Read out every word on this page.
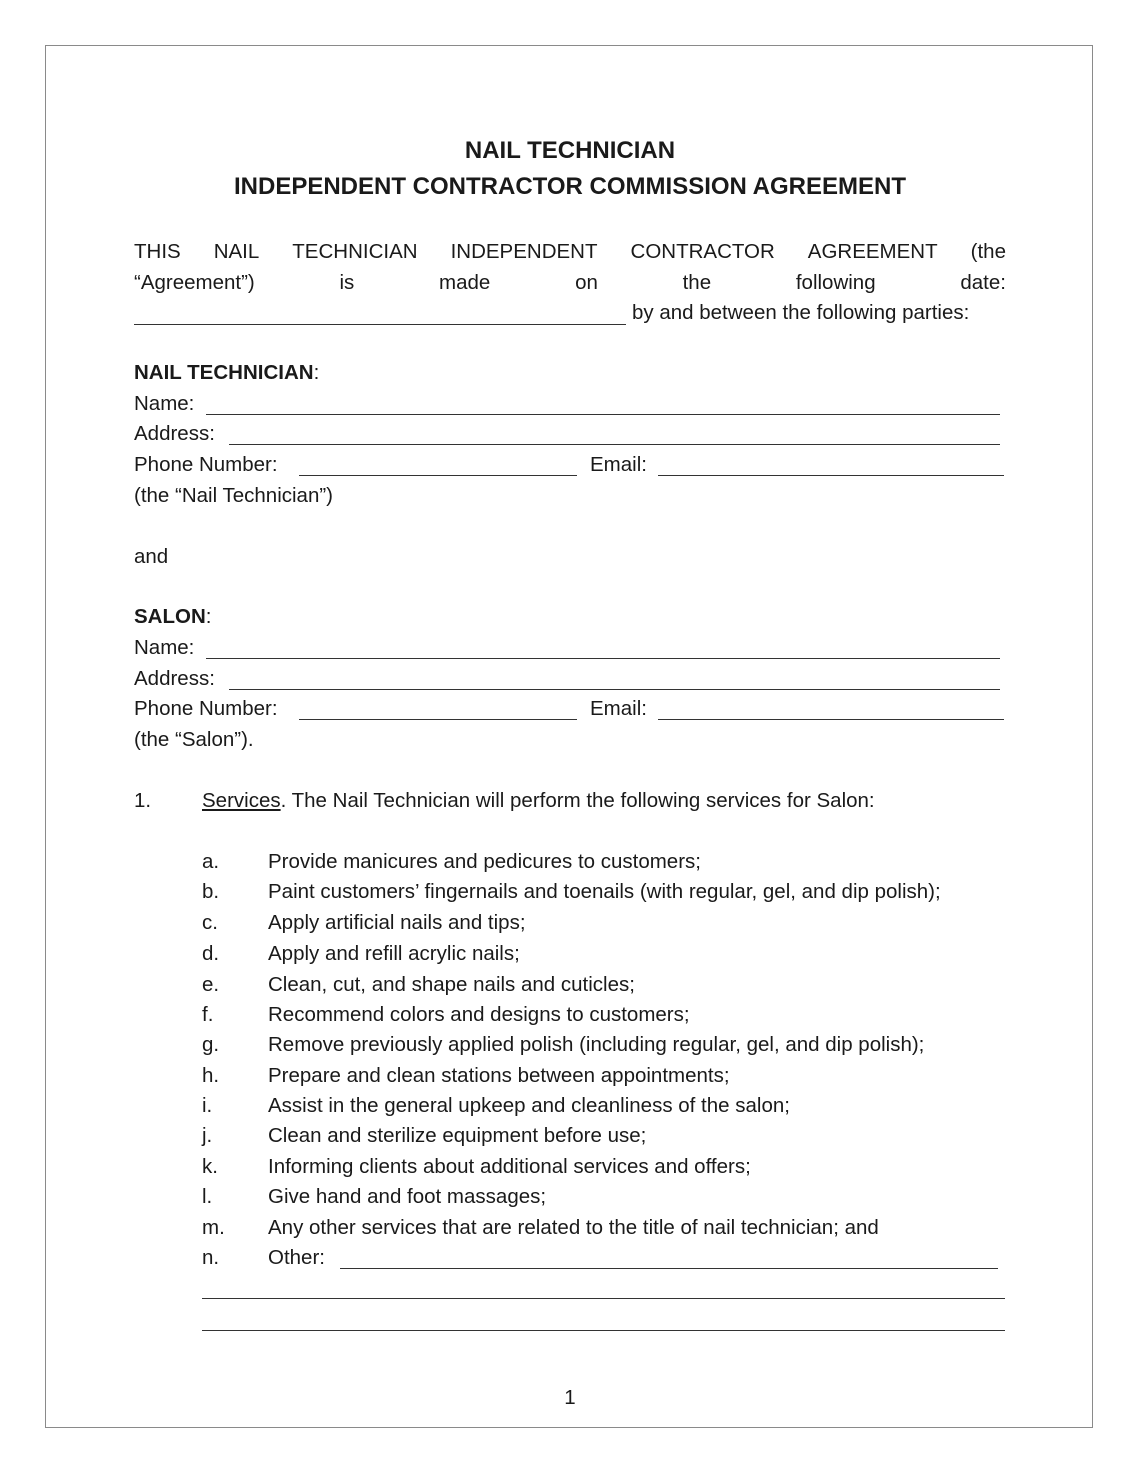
NAIL TECHNICIAN
INDEPENDENT CONTRACTOR COMMISSION AGREEMENT
THIS NAIL TECHNICIAN INDEPENDENT CONTRACTOR AGREEMENT (the
“Agreement”)	is	made	on	the	following	date:
by and between the following parties:
NAIL TECHNICIAN:
Name:
Address:
Phone Number:	Email:
(the “Nail Technician”)
and
SALON:
Name:
Address:
Phone Number:	Email:
(the “Salon”).
1. Services. The Nail Technician will perform the following services for Salon:
a. Provide manicures and pedicures to customers;
b. Paint customers’ fingernails and toenails (with regular, gel, and dip polish);
c. Apply artificial nails and tips;
d. Apply and refill acrylic nails;
e. Clean, cut, and shape nails and cuticles;
f.	Recommend colors and designs to customers;
g. Remove previously applied polish (including regular, gel, and dip polish);
h. Prepare and clean stations between appointments;
i.	Assist in the general upkeep and cleanliness of the salon;
j.	Clean and sterilize equipment before use;
k. Informing clients about additional services and offers;
l.	Give hand and foot massages;
m. Any other services that are related to the title of nail technician; and
n. Other:
1
